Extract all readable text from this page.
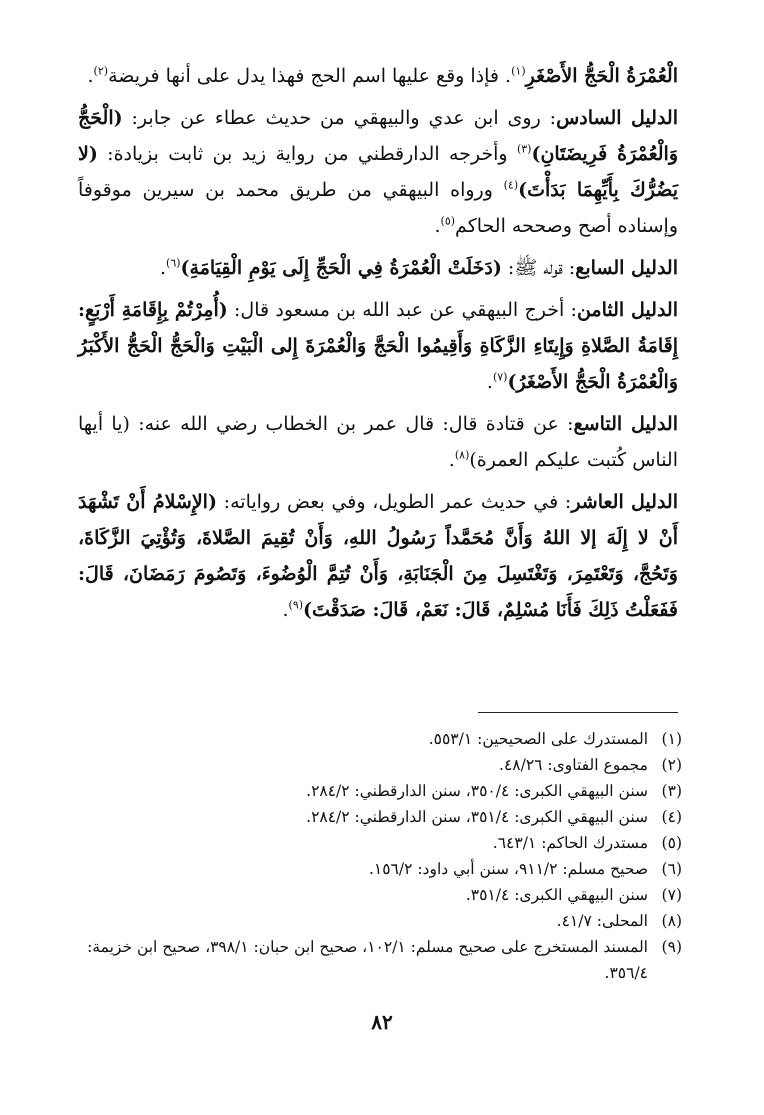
الْعُمْرَةُ الْحَجُّ الأَصْغَرِ$^{(١)}$. فإذا وقع عليها اسم الحج فهذا يدل على أنها فريضة$^{(٢)}$.

الدليل السادس: روى ابن عدي والبيهقي من حديث عطاء عن جابر: (الْحَجُّ وَالْعُمْرَةُ فَرِيضَتَانِ)$^{(٣)}$ وأخرجه الدارقطني من رواية زيد بن ثابت بزيادة: (لا يَضُرُّكَ بِأَيِّهِمَا بَدَأْتَ)$^{(٤)}$ ورواه البيهقي من طريق محمد بن سيرين موقوفاً وإسناده أصح وصححه الحاكم$^{(٥)}$.

الدليل السابع: قوله ﷺ: (دَخَلَتْ الْعُمْرَةُ فِي الْحَجِّ إِلَى يَوْمِ الْقِيَامَةِ)$^{(٦)}$.

الدليل الثامن: أخرج البيهقي عن عبد الله بن مسعود قال: (أُمِرْتُمْ بِإِقَامَةِ أَرْبَعٍ: إِقَامَةُ الصَّلاةِ وَإِيتَاءِ الزَّكَاةِ وَأَقِيمُوا الْحَجَّ وَالْعُمْرَةَ إِلى الْبَيْتِ وَالْحَجُّ الْحَجُّ الأَكْبَرُ وَالْعُمْرَةُ الْحَجُّ الأَصْغَرُ)$^{(٧)}$.

الدليل التاسع: عن قتادة قال: قال عمر بن الخطاب رضي الله عنه: (يا أيها الناس كُتبت عليكم العمرة)$^{(٨)}$.

الدليل العاشر: في حديث عمر الطويل، وفي بعض رواياته: (الإِسْلامُ أَنْ تَشْهَدَ أَنْ لا إِلَهَ إلا اللهُ وَأَنَّ مُحَمَّداً رَسُولُ اللهِ، وَأَنْ تُقِيمَ الصَّلاةَ، وَتُؤْتِيَ الزَّكَاةَ، وَتَحُجَّ، وَتَعْتَمِرَ، وَتَغْتَسِلَ مِنَ الْجَنَابَةِ، وَأَنْ تُتِمَّ الْوُضُوءَ، وَتَصُومَ رَمَضَانَ، قَالَ: فَفَعَلْتُ ذَلِكَ فَأَنَا مُسْلِمٌ، قَالَ: نَعَمْ، قَالَ: صَدَقْتَ)$^{(٩)}$.

(١)
المستدرك على الصحيحين: ٥٥٣/١.
(٢)
مجموع الفتاوى: ٤٨/٢٦.
(٣)
سنن البيهقي الكبرى: ٣٥٠/٤، سنن الدارقطني: ٢٨٤/٢.
(٤)
سنن البيهقي الكبرى: ٣٥١/٤، سنن الدارقطني: ٢٨٤/٢.
(٥)
مستدرك الحاكم: ٦٤٣/١.
(٦)
صحيح مسلم: ٩١١/٢، سنن أبي داود: ١٥٦/٢.
(٧)
سنن البيهقي الكبرى: ٣٥١/٤.
(٨)
المحلى: ٤١/٧.
(٩)
المسند المستخرج على صحيح مسلم: ١٠٢/١، صحيح ابن حبان: ٣٩٨/١، صحيح ابن خزيمة: ٣٥٦/٤.
٨٢
